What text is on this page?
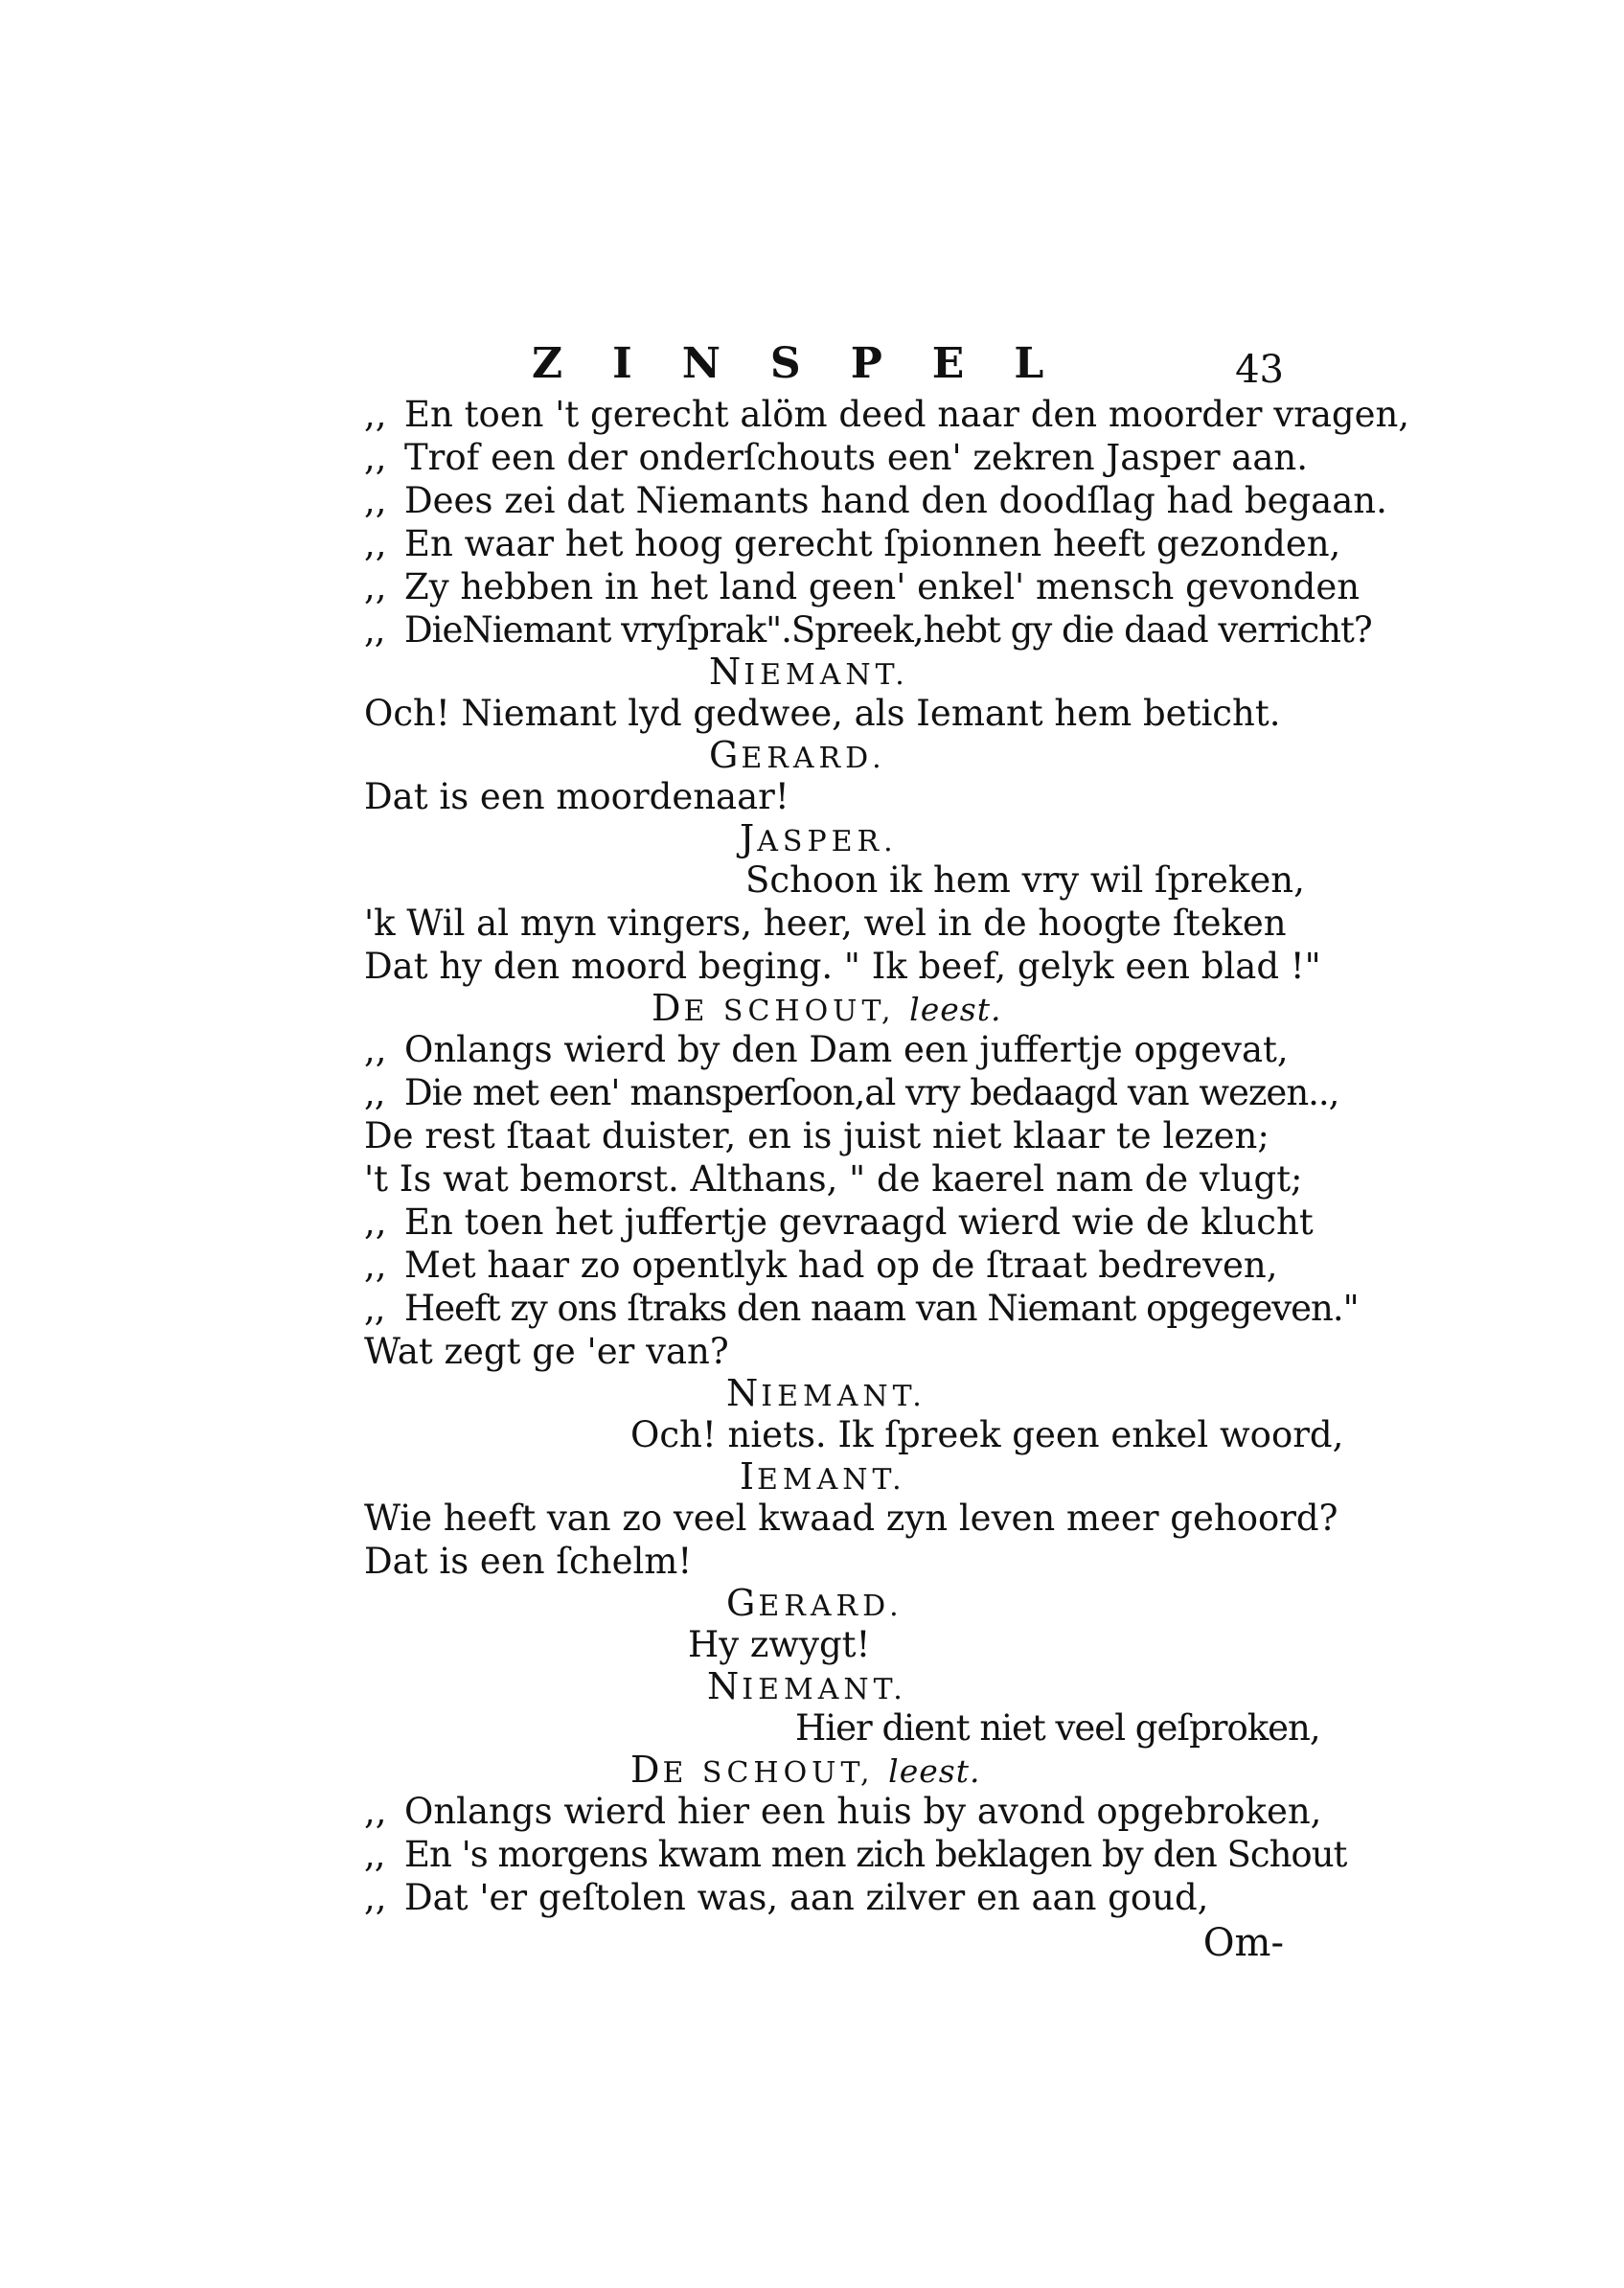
ZINSPEL	43
,, En toen 't gerecht alöm deed naar den moorder vragen,
,, Trof een der onderſchouts een' zekren Jasper aan.
,, Dees zei dat Niemants hand den doodſlag had begaan.
,, En waar het hoog gerecht ſpionnen heeft gezonden,
,, Zy hebben in het land geen' enkel' mensch gevonden
,, DieNiemant vryſprak".Spreek,hebt gy die daad verricht?
NIEMANT.
Och! Niemant lyd gedwee, als Iemant hem beticht.
GERARD.
Dat is een moordenaar!
JASPER.
Schoon ik hem vry wil ſpreken,
'k Wil al myn vingers, heer, wel in de hoogte ſteken
Dat hy den moord beging. " Ik beef, gelyk een blad !"
DE SCHOUT, leest.
,, Onlangs wierd by den Dam een juffertje opgevat,
,, Die met een' mansperſoon,al vry bedaagd van wezen..,
De rest ſtaat duister, en is juist niet klaar te lezen;
't Is wat bemorst. Althans, " de kaerel nam de vlugt;
,, En toen het juffertje gevraagd wierd wie de klucht
,, Met haar zo opentlyk had op de ſtraat bedreven,
,, Heeft zy ons ſtraks den naam van Niemant opgegeven."
Wat zegt ge 'er van?
NIEMANT.
Och! niets. Ik ſpreek geen enkel woord,
IEMANT.
Wie heeft van zo veel kwaad zyn leven meer gehoord?
Dat is een ſchelm!
GERARD.
Hy zwygt!
NIEMANT.
Hier dient niet veel geſproken,
DE SCHOUT, leest.
,, Onlangs wierd hier een huis by avond opgebroken,
,, En 's morgens kwam men zich beklagen by den Schout
,, Dat 'er geſtolen was, aan zilver en aan goud,
Om-
